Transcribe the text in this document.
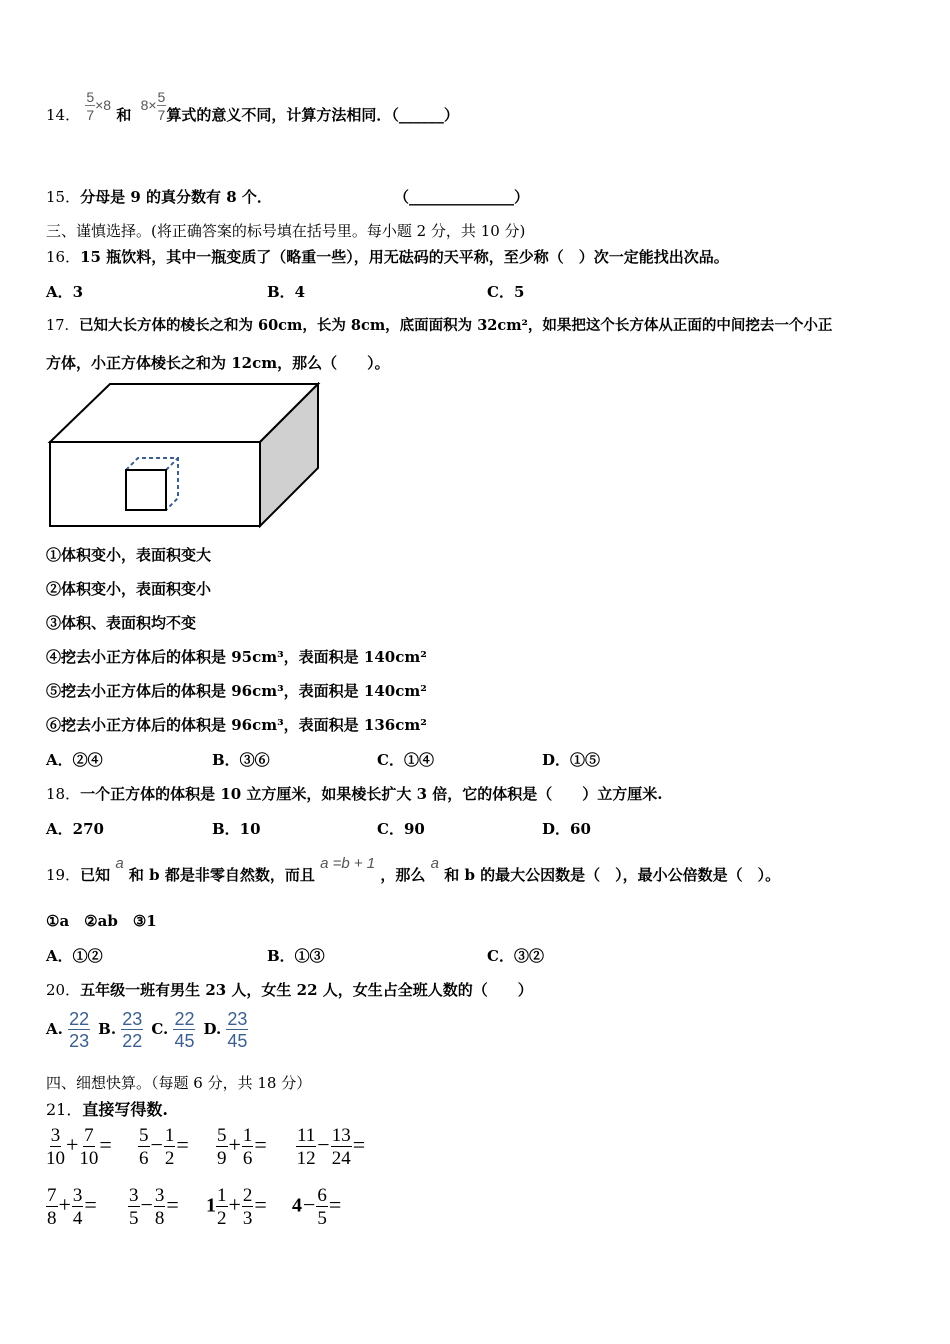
14． $\frac{5}{7} \times 8$ 和 $8\times \frac{5}{7}$ 算式的意义不同，计算方法相同．（______）
15．分母是 9 的真分数有 8 个．	（______________）
三、谨慎选择。(将正确答案的标号填在括号里。每小题 2 分，共 10 分)
16．15 瓶饮料，其中一瓶变质了（略重一些），用无砝码的天平称，至少称（　）次一定能找出次品。
A．3	B．4	C．5
17．已知大长方体的棱长之和为 60cm，长为 8cm，底面面积为 32cm²，如果把这个长方体从正面的中间挖去一个小正
方体，小正方体棱长之和为 12cm，那么（　　）。
①体积变小，表面积变大
②体积变小，表面积变小
③体积、表面积均不变
④挖去小正方体后的体积是 95cm³，表面积是 140cm²
⑤挖去小正方体后的体积是 96cm³，表面积是 140cm²
⑥挖去小正方体后的体积是 96cm³，表面积是 136cm²
A．②④	B．③⑥	C．①④	D．①⑤
18．一个正方体的体积是 10 立方厘米，如果棱长扩大 3 倍，它的体积是（　　）立方厘米.
A．270	B．10	C．90	D．60
19．已知 a 和 b 都是非零自然数，而且 a =b + 1 ，那么 a 和 b 的最大公因数是（　），最小公倍数是（　）。
①a　②ab　③1
A．①②	B．①③	C．③②
20．五年级一班有男生 23 人，女生 22 人，女生占全班人数的（　　）
A. $\frac{22}{23} B$. $\frac{23}{22} C$. $\frac{22}{45} D$. $\frac{23}{45}$
四、细想快算。（每题 6 分，共 18 分）
21．直接写得数.
$\frac{3}{10} + \frac{7}{10} = \frac{5}{6} - \frac{1}{2} = \frac{5}{9} + \frac{1}{6} = \frac{11}{12} - \frac{13}{24}$ =
$\frac{7}{8} + \frac{3}{4} = \frac{3}{5} - \frac{3}{8} = 1 \frac{1}{2} + \frac{2}{3} = 4- \frac{6}{5}$ =
